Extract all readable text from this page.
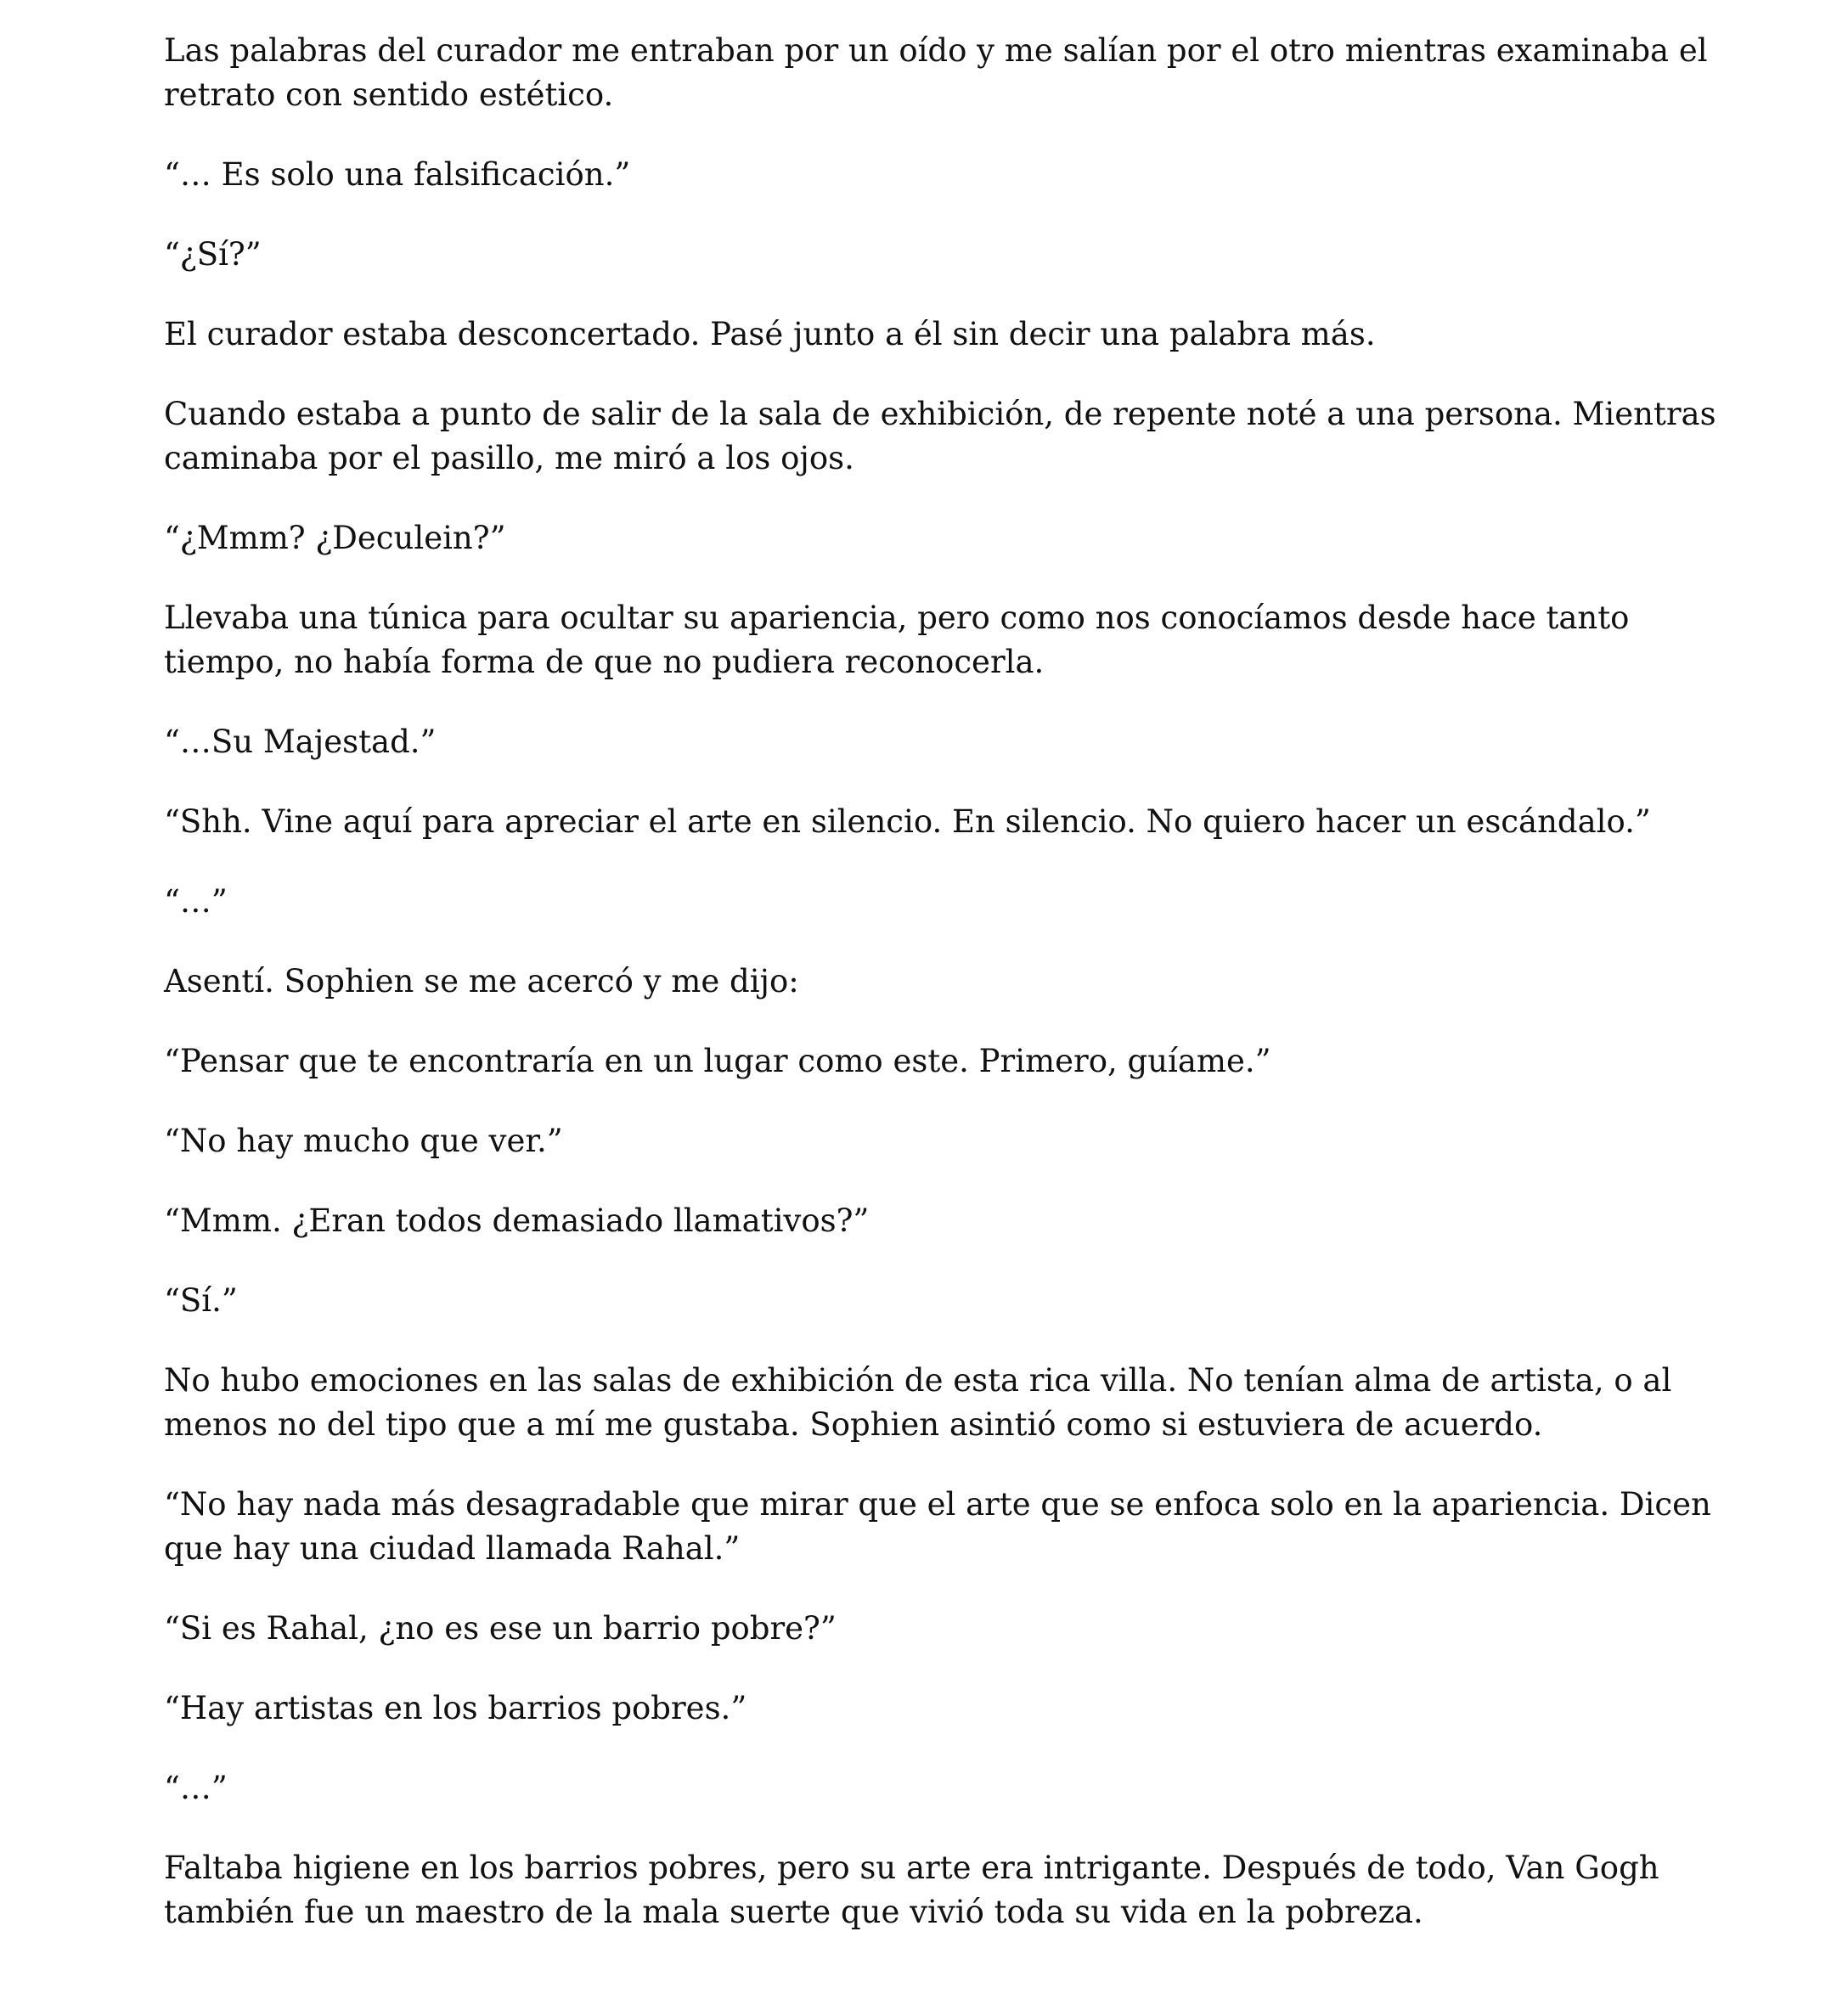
Las palabras del curador me entraban por un oído y me salían por el otro mientras examinaba el retrato con sentido estético.

“… Es solo una falsificación.”

“¿Sí?”

El curador estaba desconcertado. Pasé junto a él sin decir una palabra más.

Cuando estaba a punto de salir de la sala de exhibición, de repente noté a una persona. Mientras caminaba por el pasillo, me miró a los ojos.

“¿Mmm? ¿Deculein?”

Llevaba una túnica para ocultar su apariencia, pero como nos conocíamos desde hace tanto tiempo, no había forma de que no pudiera reconocerla.

“…Su Majestad.”

“Shh. Vine aquí para apreciar el arte en silencio. En silencio. No quiero hacer un escándalo.”

“…”

Asentí. Sophien se me acercó y me dijo:

“Pensar que te encontraría en un lugar como este. Primero, guíame.”

“No hay mucho que ver.”

“Mmm. ¿Eran todos demasiado llamativos?”

“Sí.”

No hubo emociones en las salas de exhibición de esta rica villa. No tenían alma de artista, o al menos no del tipo que a mí me gustaba. Sophien asintió como si estuviera de acuerdo.

“No hay nada más desagradable que mirar que el arte que se enfoca solo en la apariencia. Dicen que hay una ciudad llamada Rahal.”

“Si es Rahal, ¿no es ese un barrio pobre?”

“Hay artistas en los barrios pobres.”

“…”

Faltaba higiene en los barrios pobres, pero su arte era intrigante. Después de todo, Van Gogh también fue un maestro de la mala suerte que vivió toda su vida en la pobreza.
